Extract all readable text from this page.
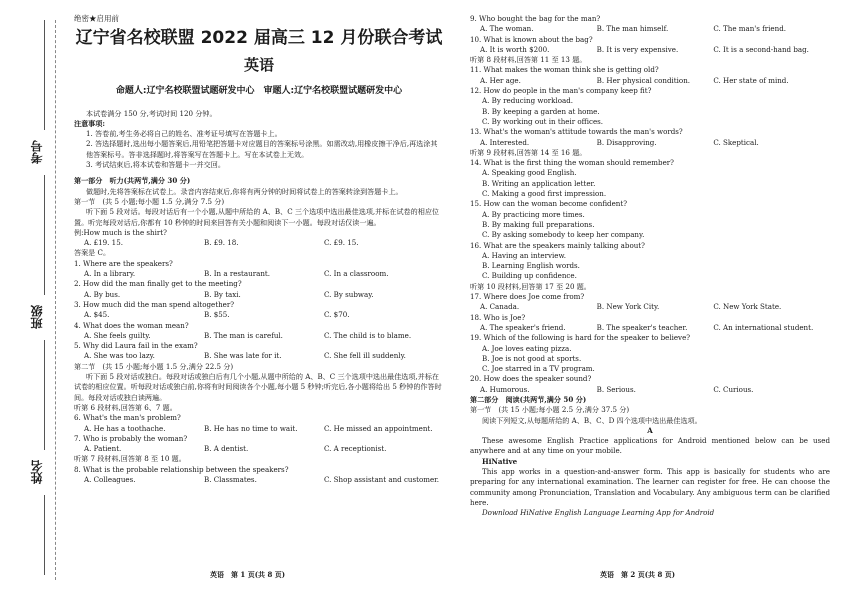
考号
班级
姓名
绝密★启用前
辽宁省名校联盟 2022 届高三 12 月份联合考试
英语
命题人:辽宁名校联盟试题研发中心　审题人:辽宁名校联盟试题研发中心
本试卷满分 150 分,考试时间 120 分钟。
注意事项:
1. 答卷前,考生务必将自己的姓名、准考证号填写在答题卡上。
2. 答选择题时,选出每小题答案后,用铅笔把答题卡对应题目的答案标号涂黑。如需改动,用橡皮擦干净后,再选涂其他答案标号。答非选择题时,将答案写在答题卡上。写在本试卷上无效。
3. 考试结束后,将本试卷和答题卡一并交回。
第一部分　听力(共两节,满分 30 分)
做题时,先将答案标在试卷上。录音内容结束后,你将有两分钟的时间将试卷上的答案转涂到答题卡上。
第一节　(共 5 小题;每小题 1.5 分,满分 7.5 分)
听下面 5 段对话。每段对话后有一个小题,从题中所给的 A、B、C 三个选项中选出最佳选项,并标在试卷的相应位置。听完每段对话后,你都有 10 秒钟的时间来回答有关小题和阅读下一小题。每段对话仅读一遍。
例:How much is the shirt?
A. £19. 15.	B. £9. 18.	C. £9. 15.
答案是 C。
1. Where are the speakers?
A. In a library.	B. In a restaurant.	C. In a classroom.
2. How did the man finally get to the meeting?
A. By bus.	B. By taxi.	C. By subway.
3. How much did the man spend altogether?
A. $45.	B. $55.	C. $70.
4. What does the woman mean?
A. She feels guilty.	B. The man is careful.	C. The child is to blame.
5. Why did Laura fail in the exam?
A. She was too lazy.	B. She was late for it.	C. She fell ill suddenly.
第二节　(共 15 小题;每小题 1.5 分,满分 22.5 分)
听下面 5 段对话或独白。每段对话或独白后有几个小题,从题中所给的 A、B、C 三个选项中选出最佳选项,并标在试卷的相应位置。听每段对话或独白前,你将有时间阅读各个小题,每小题 5 秒钟;听完后,各小题将给出 5 秒钟的作答时间。每段对话或独白读两遍。
听第 6 段材料,回答第 6、7 题。
6. What's the man's problem?
A. He has a toothache.	B. He has no time to wait.	C. He missed an appointment.
7. Who is probably the woman?
A. Patient.	B. A dentist.	C. A receptionist.
听第 7 段材料,回答第 8 至 10 题。
8. What is the probable relationship between the speakers?
A. Colleagues.	B. Classmates.	C. Shop assistant and customer.
9. Who bought the bag for the man?
A. The woman.	B. The man himself.	C. The man's friend.
10. What is known about the bag?
A. It is worth $200.	B. It is very expensive.	C. It is a second-hand bag.
听第 8 段材料,回答第 11 至 13 题。
11. What makes the woman think she is getting old?
A. Her age.	B. Her physical condition.	C. Her state of mind.
12. How do people in the man's company keep fit?
A. By reducing workload.
B. By keeping a garden at home.
C. By working out in their offices.
13. What's the woman's attitude towards the man's words?
A. Interested.	B. Disapproving.	C. Skeptical.
听第 9 段材料,回答第 14 至 16 题。
14. What is the first thing the woman should remember?
A. Speaking good English.
B. Writing an application letter.
C. Making a good first impression.
15. How can the woman become confident?
A. By practicing more times.
B. By making full preparations.
C. By asking somebody to keep her company.
16. What are the speakers mainly talking about?
A. Having an interview.
B. Learning English words.
C. Building up confidence.
听第 10 段材料,回答第 17 至 20 题。
17. Where does Joe come from?
A. Canada.	B. New York City.	C. New York State.
18. Who is Joe?
A. The speaker's friend.	B. The speaker's teacher.	C. An international student.
19. Which of the following is hard for the speaker to believe?
A. Joe loves eating pizza.
B. Joe is not good at sports.
C. Joe starred in a TV program.
20. How does the speaker sound?
A. Humorous.	B. Serious.	C. Curious.
第二部分　阅读(共两节,满分 50 分)
第一节　(共 15 小题;每小题 2.5 分,满分 37.5 分)
阅读下列短文,从每题所给的 A、B、C、D 四个选项中选出最佳选项。
A
These awesome English Practice applications for Android mentioned below can be used anywhere and at any time on your mobile.
HiNative
This app works in a question-and-answer form. This app is basically for students who are preparing for any international examination. The learner can register for free. He can choose the community among Pronunciation, Translation and Vocabulary. Any ambiguous term can be clarified here.
Download HiNative English Language Learning App for Android
英语　第 1 页(共 8 页)	英语　第 2 页(共 8 页)
